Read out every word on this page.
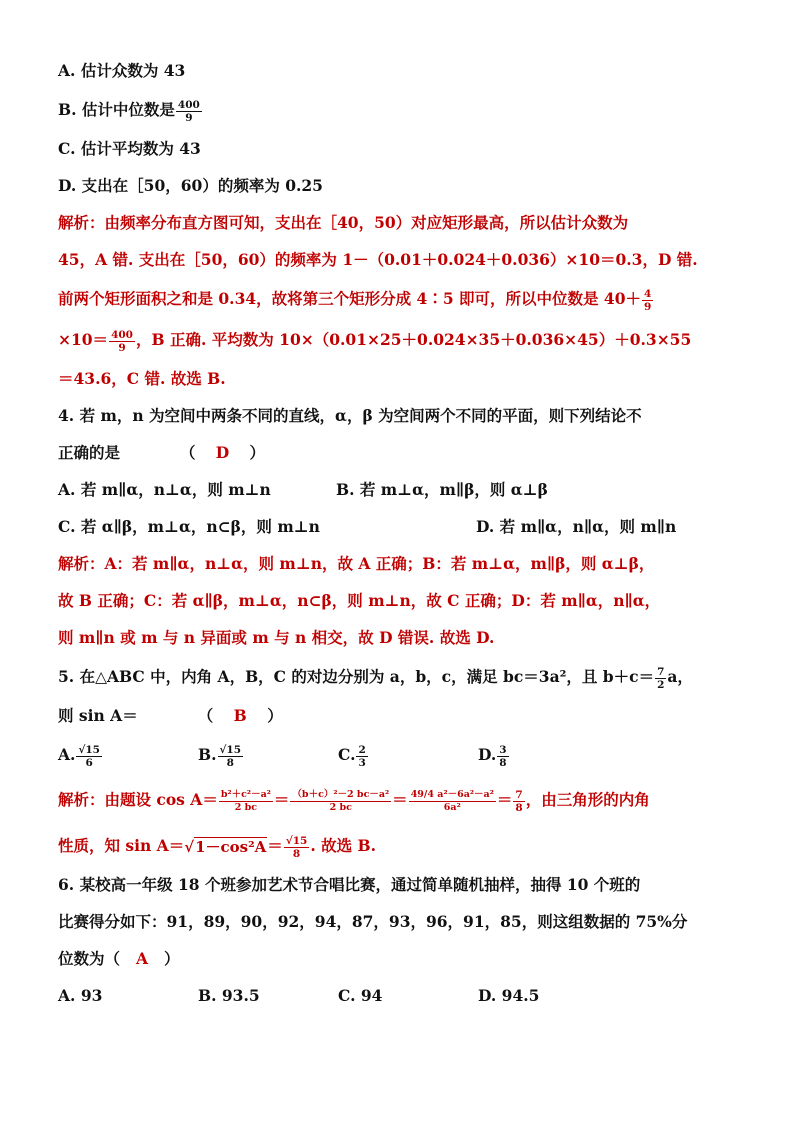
A. 估计众数为 43
B. 估计中位数是 $\frac{400}{9}$
C. 估计平均数为 43
D. 支出在［50，60）的频率为 0.25
解析：由频率分布直方图可知，支出在［40，50）对应矩形最高，所以估计众数为
45，A 错. 支出在［50，60）的频率为 1－（0.01＋0.024＋0.036）×10＝0.3，D 错.
前两个矩形面积之和是 0.34，故将第三个矩形分成 4∶5 即可，所以中位数是 $40+ \frac{4}{9}$
$\times 10= \frac{400}{9}$ ，B 正确. 平均数为 10×（0.01×25＋0.024×35＋0.036×45）＋0.3×55
＝43.6，C 错. 故选 B.
4. 若 m，n 为空间中两条不同的直线，α，β 为空间两个不同的平面，则下列结论不
正确的是	（ D ）
A. 若 m∥α，n⊥α，则 m⊥n	B. 若 m⊥α，m∥β，则 α⊥β
C. 若 α∥β，m⊥α，n⊂β，则 m⊥n	D. 若 m∥α，n∥α，则 m∥n
解析：A：若 m∥α，n⊥α，则 m⊥n，故 A 正确；B：若 m⊥α，m∥β，则 α⊥β，
故 B 正确；C：若 α∥β，m⊥α，n⊂β，则 m⊥n，故 C 正确；D：若 m∥α，n∥α，
则 m∥n 或 m 与 n 异面或 m 与 n 相交，故 D 错误. 故选 D.
5. 在△ABC 中，内角 A，B，C 的对边分别为 a，b，c，满足 bc＝3a²，且 $b+c= \frac{7}{2}$ a，
则 sin A＝	（ B ）
A. $\frac{√15}{6}$	B. $\frac{√15}{8}$	C. $\frac{2}{3}$	D. $\frac{3}{8}$
解析：由题设 $\cos A= \frac{\text{b²＋c²－a²}}{2 bc} = \frac{\text{（b＋c）²－2 bc－a²}}{2 bc} = \frac{\text{49/4 a²－6a²－a²}}{\text{6a²}} = \frac{7}{8}$ ，由三角形的内角
性质，知 $\sin A=√1-\cos^2A= \frac{√15}{8}$ . 故选 B.
6. 某校高一年级 18 个班参加艺术节合唱比赛，通过简单随机抽样，抽得 10 个班的
比赛得分如下：91，89，90，92，94，87，93，96，91，85，则这组数据的 75%分
位数为（ A ）
A. 93	B. 93.5	C. 94	D. 94.5
